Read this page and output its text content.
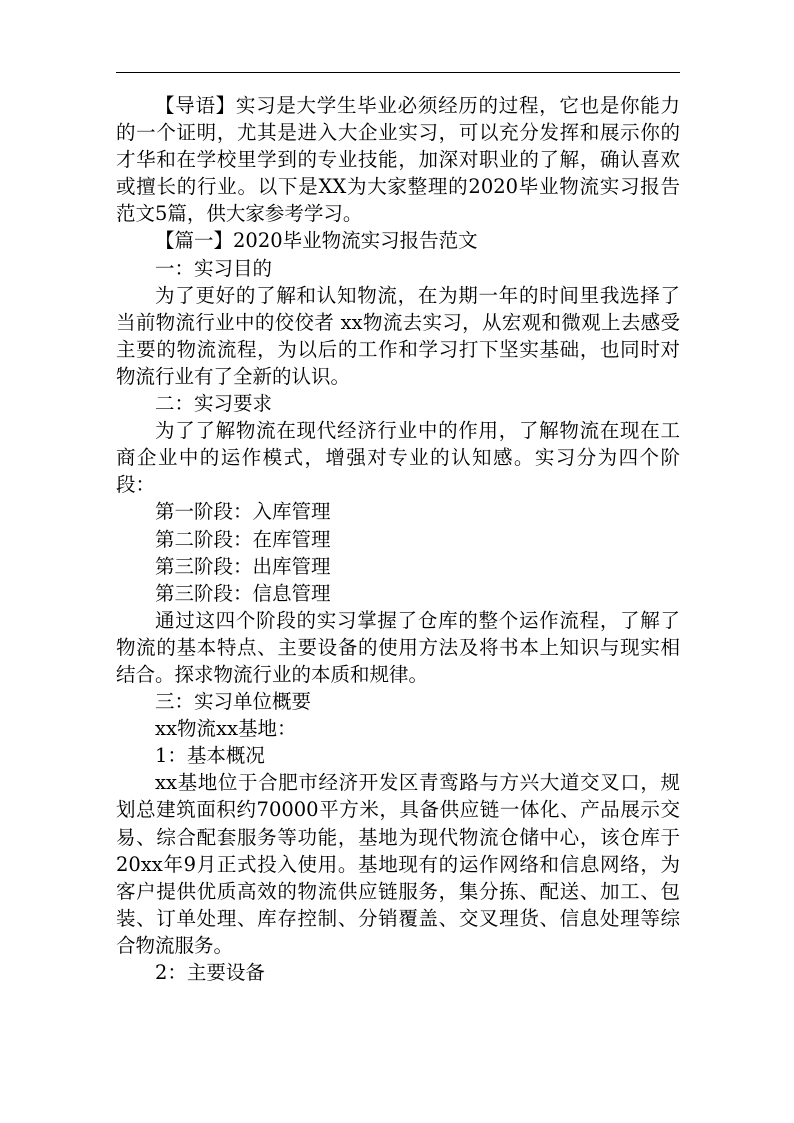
【导语】实习是大学生毕业必须经历的过程，它也是你能力的一个证明，尤其是进入大企业实习，可以充分发挥和展示你的才华和在学校里学到的专业技能，加深对职业的了解，确认喜欢或擅长的行业。以下是XX为大家整理的2020毕业物流实习报告范文5篇，供大家参考学习。

【篇一】2020毕业物流实习报告范文

一：实习目的

为了更好的了解和认知物流，在为期一年的时间里我选择了当前物流行业中的佼佼者 xx物流去实习，从宏观和微观上去感受主要的物流流程，为以后的工作和学习打下坚实基础，也同时对物流行业有了全新的认识。

二：实习要求

为了了解物流在现代经济行业中的作用，了解物流在现在工商企业中的运作模式，增强对专业的认知感。实习分为四个阶段：

第一阶段：入库管理

第二阶段：在库管理

第三阶段：出库管理

第三阶段：信息管理

通过这四个阶段的实习掌握了仓库的整个运作流程，了解了物流的基本特点、主要设备的使用方法及将书本上知识与现实相结合。探求物流行业的本质和规律。

三：实习单位概要

xx物流xx基地：

1：基本概况

xx基地位于合肥市经济开发区青鸾路与方兴大道交叉口，规划总建筑面积约70000平方米，具备供应链一体化、产品展示交易、综合配套服务等功能，基地为现代物流仓储中心，该仓库于20xx年9月正式投入使用。基地现有的运作网络和信息网络，为客户提供优质高效的物流供应链服务，集分拣、配送、加工、包装、订单处理、库存控制、分销覆盖、交叉理货、信息处理等综合物流服务。

2：主要设备
